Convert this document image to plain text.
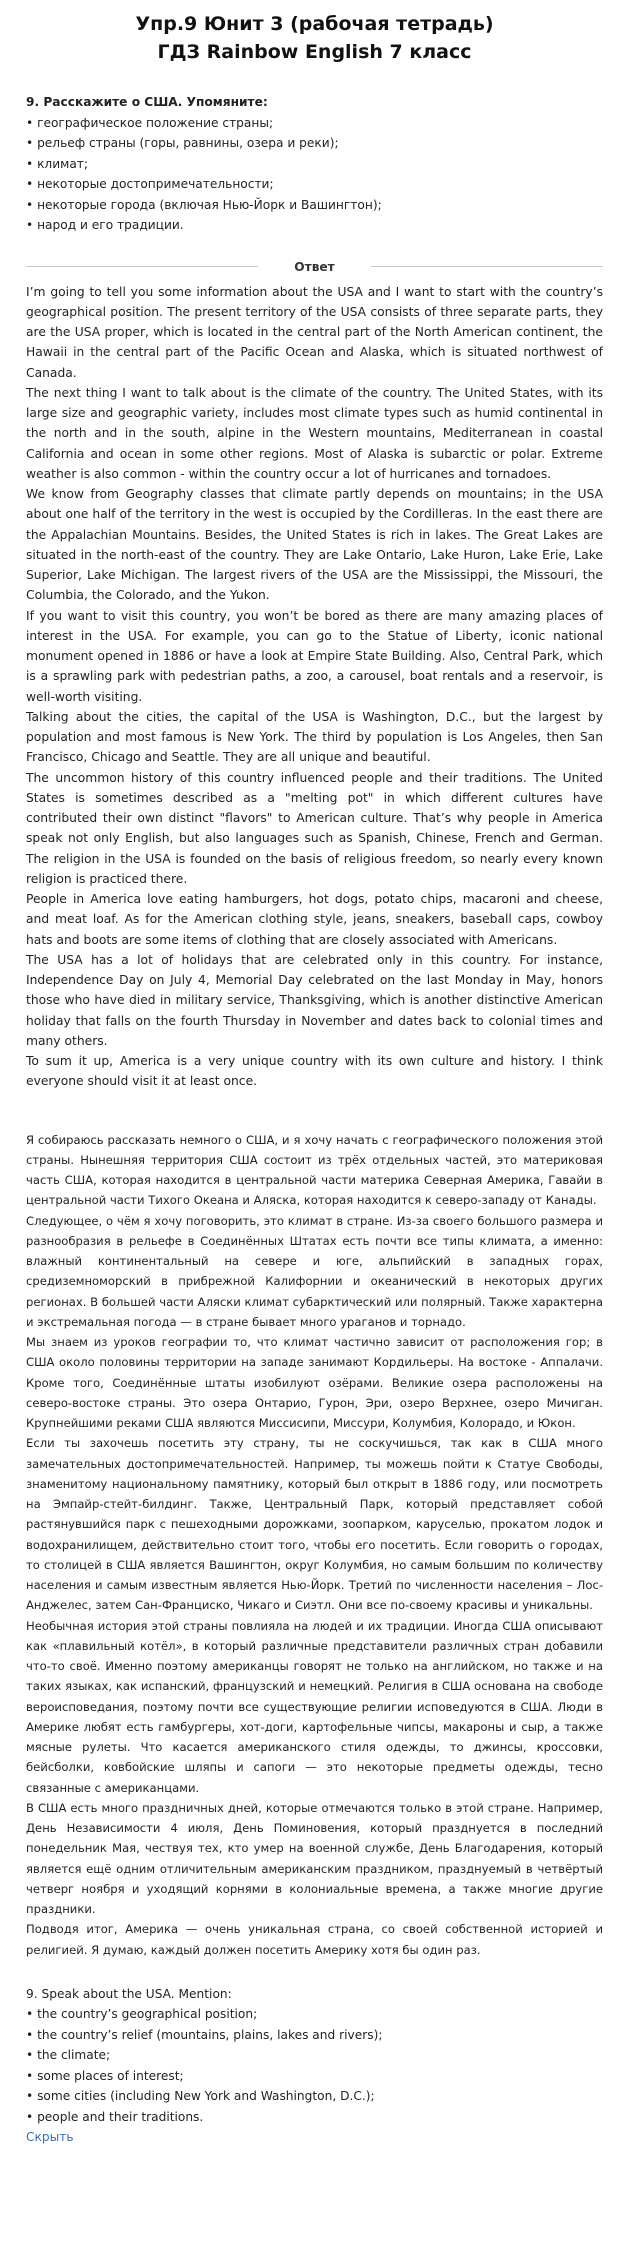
Упр.9 Юнит 3 (рабочая тетрадь)
ГДЗ Rainbow English 7 класс
9. Расскажите о США. Упомяните:
• географическое положение страны;
• рельеф страны (горы, равнины, озера и реки);
• климат;
• некоторые достопримечательности;
• некоторые города (включая Нью-Йорк и Вашингтон);
• народ и его традиции.
Ответ

I’m going to tell you some information about the USA and I want to start with the country’s geographical position. The present territory of the USA consists of three separate parts, they are the USA proper, which is located in the central part of the North American continent, the Hawaii in the central part of the Pacific Ocean and Alaska, which is situated northwest of Canada.

The next thing I want to talk about is the climate of the country. The United States, with its large size and geographic variety, includes most climate types such as humid continental in the north and in the south, alpine in the Western mountains, Mediterranean in coastal California and ocean in some other regions. Most of Alaska is subarctic or polar. Extreme weather is also common - within the country occur a lot of hurricanes and tornadoes.

We know from Geography classes that climate partly depends on mountains; in the USA about one half of the territory in the west is occupied by the Cordilleras. In the east there are the Appalachian Mountains. Besides, the United States is rich in lakes. The Great Lakes are situated in the north-east of the country. They are Lake Ontario, Lake Huron, Lake Erie, Lake Superior, Lake Michigan. The largest rivers of the USA are the Mississippi, the Missouri, the Columbia, the Colorado, and the Yukon.

If you want to visit this country, you won’t be bored as there are many amazing places of interest in the USA. For example, you can go to the Statue of Liberty, iconic national monument opened in 1886 or have a look at Empire State Building. Also, Central Park, which is a sprawling park with pedestrian paths, a zoo, a carousel, boat rentals and a reservoir, is well-worth visiting.

Talking about the cities, the capital of the USA is Washington, D.C., but the largest by population and most famous is New York. The third by population is Los Angeles, then San Francisco, Chicago and Seattle. They are all unique and beautiful.

The uncommon history of this country influenced people and their traditions. The United States is sometimes described as a "melting pot" in which different cultures have contributed their own distinct "flavors" to American culture. That’s why people in America speak not only English, but also languages such as Spanish, Chinese, French and German. The religion in the USA is founded on the basis of religious freedom, so nearly every known religion is practiced there.

People in America love eating hamburgers, hot dogs, potato chips, macaroni and cheese, and meat loaf. As for the American clothing style, jeans, sneakers, baseball caps, cowboy hats and boots are some items of clothing that are closely associated with Americans.

The USA has a lot of holidays that are celebrated only in this country. For instance, Independence Day on July 4, Memorial Day celebrated on the last Monday in May, honors those who have died in military service, Thanksgiving, which is another distinctive American holiday that falls on the fourth Thursday in November and dates back to colonial times and many others.

To sum it up, America is a very unique country with its own culture and history. I think everyone should visit it at least once.

Я собираюсь рассказать немного о США, и я хочу начать с географического положения этой страны. Нынешняя территория США состоит из трёх отдельных частей, это материковая часть США, которая находится в центральной части материка Северная Америка, Гавайи в центральной части Тихого Океана и Аляска, которая находится к северо-западу от Канады.

Следующее, о чём я хочу поговорить, это климат в стране. Из-за своего большого размера и разнообразия в рельефе в Соединённых Штатах есть почти все типы климата, а именно: влажный континентальный на севере и юге, альпийский в западных горах, средиземноморский в прибрежной Калифорнии и океанический в некоторых других регионах. В большей части Аляски климат субарктический или полярный. Также характерна и экстремальная погода — в стране бывает много ураганов и торнадо.

Мы знаем из уроков географии то, что климат частично зависит от расположения гор; в США около половины территории на западе занимают Кордильеры. На востоке - Аппалачи. Кроме того, Соединённые штаты изобилуют озёрами. Великие озера расположены на северо-востоке страны. Это озера Онтарио, Гурон, Эри, озеро Верхнее, озеро Мичиган. Крупнейшими реками США являются Миссисипи, Миссури, Колумбия, Колорадо, и Юкон.

Если ты захочешь посетить эту страну, ты не соскучишься, так как в США много замечательных достопримечательностей. Например, ты можешь пойти к Статуе Свободы, знаменитому национальному памятнику, который был открыт в 1886 году, или посмотреть на Эмпайр-стейт-билдинг. Также, Центральный Парк, который представляет собой растянувшийся парк с пешеходными дорожками, зоопарком, каруселью, прокатом лодок и водохранилищем, действительно стоит того, чтобы его посетить. Если говорить о городах, то столицей в США является Вашингтон, округ Колумбия, но самым большим по количеству населения и самым известным является Нью-Йорк. Третий по численности населения – Лос-Анджелес, затем Сан-Франциско, Чикаго и Сиэтл. Они все по-своему красивы и уникальны.

Необычная история этой страны повлияла на людей и их традиции. Иногда США описывают как «плавильный котёл», в который различные представители различных стран добавили что-то своё. Именно поэтому американцы говорят не только на английском, но также и на таких языках, как испанский, французский и немецкий. Религия в США основана на свободе вероисповедания, поэтому почти все существующие религии исповедуются в США. Люди в Америке любят есть гамбургеры, хот-доги, картофельные чипсы, макароны и сыр, а также мясные рулеты. Что касается американского стиля одежды, то джинсы, кроссовки, бейсболки, ковбойские шляпы и сапоги — это некоторые предметы одежды, тесно связанные с американцами.

В США есть много праздничных дней, которые отмечаются только в этой стране. Например, День Независимости 4 июля, День Поминовения, который празднуется в последний понедельник Мая, чествуя тех, кто умер на военной службе, День Благодарения, который является ещё одним отличительным американским праздником, празднуемый в четвёртый четверг ноября и уходящий корнями в колониальные времена, а также многие другие праздники.

Подводя итог, Америка — очень уникальная страна, со своей собственной историей и религией. Я думаю, каждый должен посетить Америку хотя бы один раз.

9. Speak about the USA. Mention:
• the country’s geographical position;
• the country’s relief (mountains, plains, lakes and rivers);
• the climate;
• some places of interest;
• some cities (including New York and Washington, D.C.);
• people and their traditions.
Скрыть
